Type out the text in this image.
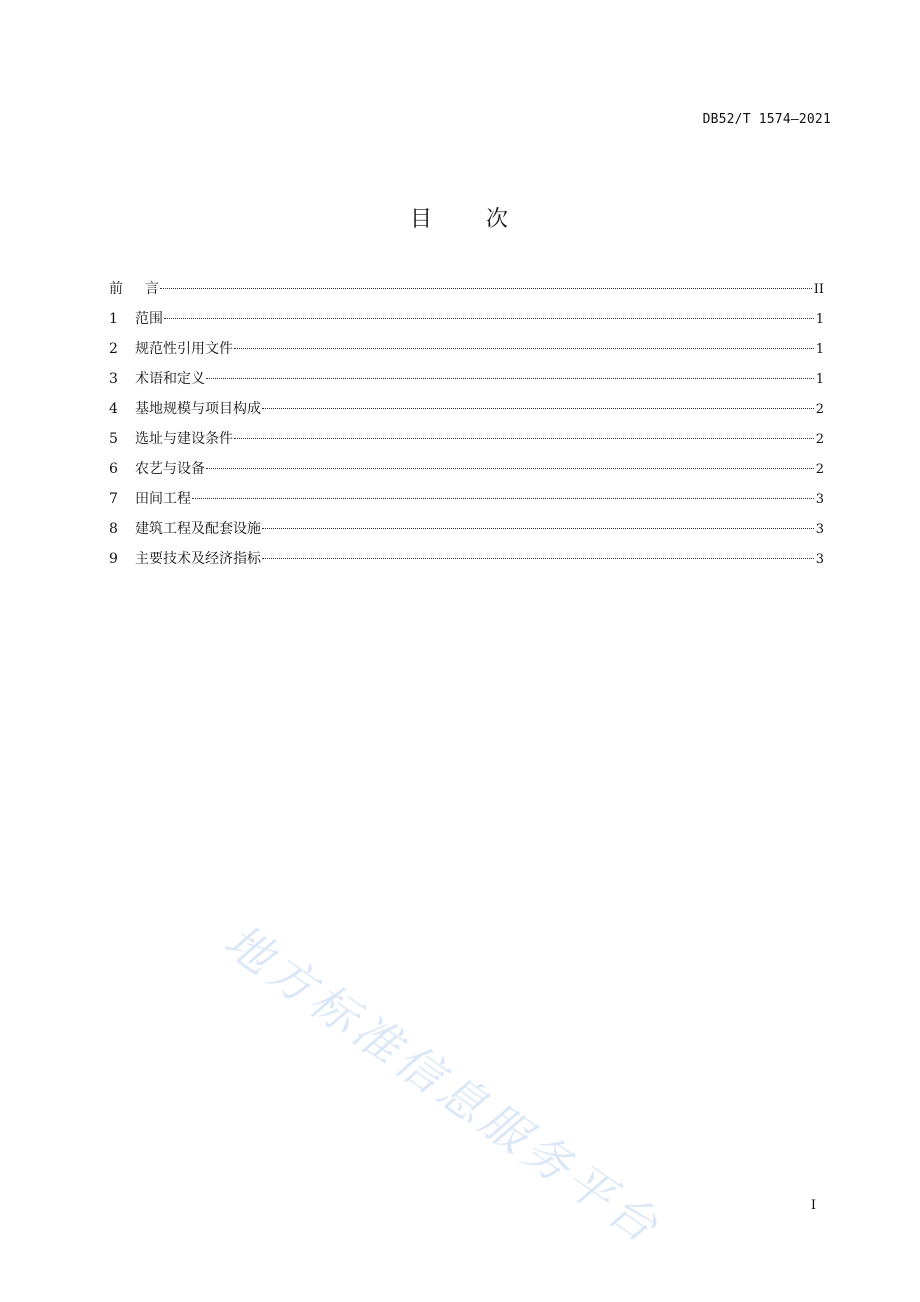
DB52/T 1574—2021
目 次
前 言	II
1	范围	1
2	规范性引用文件	1
3	术语和定义	1
4	基地规模与项目构成	2
5	选址与建设条件	2
6	农艺与设备	2
7	田间工程	3
8	建筑工程及配套设施	3
9	主要技术及经济指标	3
地方标准信息服务平台	I
